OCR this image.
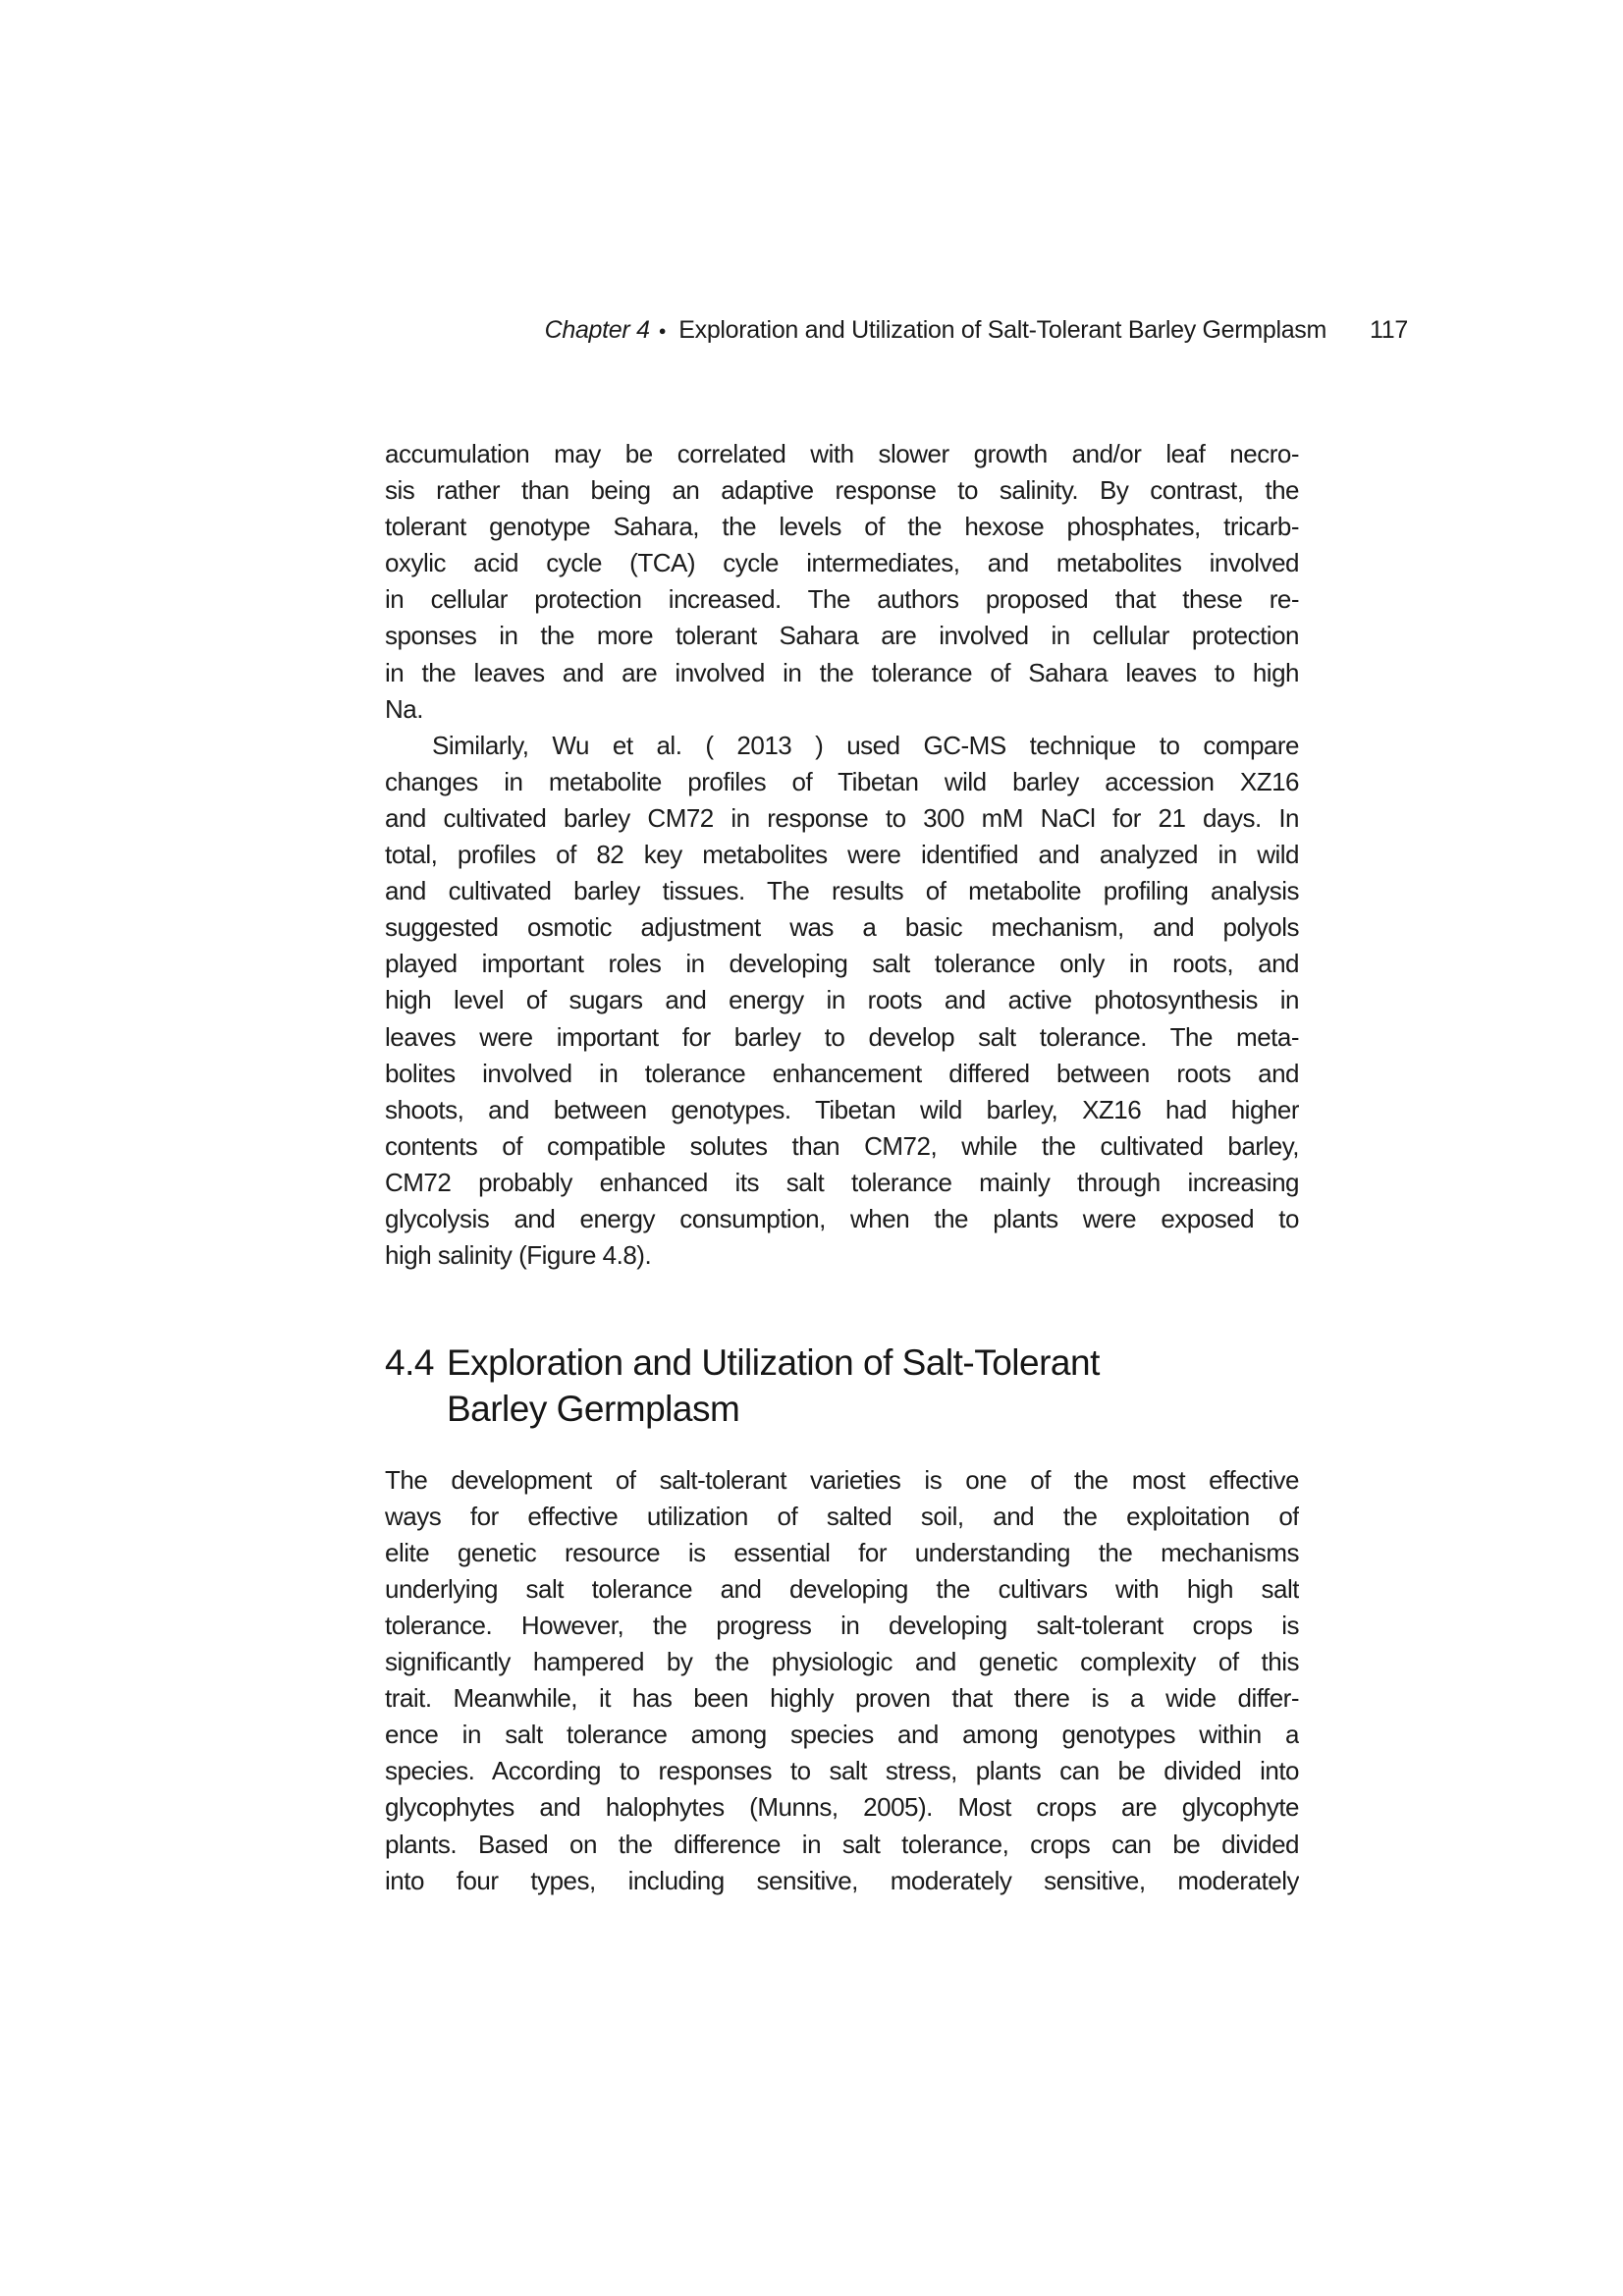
Chapter 4 ● Exploration and Utilization of Salt-Tolerant Barley Germplasm 117
accumulation may be correlated with slower growth and/or leaf necro-
sis rather than being an adaptive response to salinity. By contrast, the
tolerant genotype Sahara, the levels of the hexose phosphates, tricarb-
oxylic acid cycle (TCA) cycle intermediates, and metabolites involved
in cellular protection increased. The authors proposed that these re-
sponses in the more tolerant Sahara are involved in cellular protection
in the leaves and are involved in the tolerance of Sahara leaves to high
Na.
Similarly, Wu et al. ( 2013 ) used GC-MS technique to compare
changes in metabolite profiles of Tibetan wild barley accession XZ16
and cultivated barley CM72 in response to 300 mM NaCl for 21 days. In
total, profiles of 82 key metabolites were identified and analyzed in wild
and cultivated barley tissues. The results of metabolite profiling analysis
suggested osmotic adjustment was a basic mechanism, and polyols
played important roles in developing salt tolerance only in roots, and
high level of sugars and energy in roots and active photosynthesis in
leaves were important for barley to develop salt tolerance. The meta-
bolites involved in tolerance enhancement differed between roots and
shoots, and between genotypes. Tibetan wild barley, XZ16 had higher
contents of compatible solutes than CM72, while the cultivated barley,
CM72 probably enhanced its salt tolerance mainly through increasing
glycolysis and energy consumption, when the plants were exposed to
high salinity (Figure 4.8).
4.4 Exploration and Utilization of Salt-Tolerant
Barley Germplasm
The development of salt-tolerant varieties is one of the most effective
ways for effective utilization of salted soil, and the exploitation of
elite genetic resource is essential for understanding the mechanisms
underlying salt tolerance and developing the cultivars with high salt
tolerance. However, the progress in developing salt-tolerant crops is
significantly hampered by the physiologic and genetic complexity of this
trait. Meanwhile, it has been highly proven that there is a wide differ-
ence in salt tolerance among species and among genotypes within a
species. According to responses to salt stress, plants can be divided into
glycophytes and halophytes (Munns, 2005). Most crops are glycophyte
plants. Based on the difference in salt tolerance, crops can be divided
into four types, including sensitive, moderately sensitive, moderately
